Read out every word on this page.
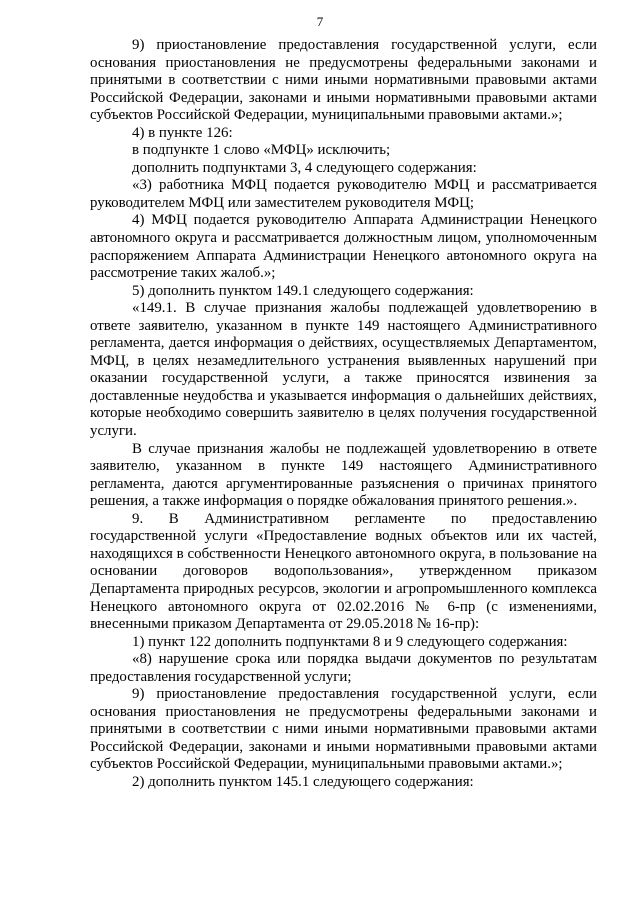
7

9) приостановление предоставления государственной услуги, если основания приостановления не предусмотрены федеральными законами и принятыми в соответствии с ними иными нормативными правовыми актами Российской Федерации, законами и иными нормативными правовыми актами субъектов Российской Федерации, муниципальными правовыми актами.»;

4) в пункте 126:

в подпункте 1 слово «МФЦ» исключить;

дополнить подпунктами 3, 4 следующего содержания:

«3) работника МФЦ подается руководителю МФЦ и рассматривается руководителем МФЦ или заместителем руководителя МФЦ;

4) МФЦ подается руководителю Аппарата Администрации Ненецкого автономного округа и рассматривается должностным лицом, уполномоченным распоряжением Аппарата Администрации Ненецкого автономного округа на рассмотрение таких жалоб.»;

5) дополнить пунктом 149.1 следующего содержания:

«149.1. В случае признания жалобы подлежащей удовлетворению в ответе заявителю, указанном в пункте 149 настоящего Административного регламента, дается информация о действиях, осуществляемых Департаментом, МФЦ, в целях незамедлительного устранения выявленных нарушений при оказании государственной услуги, а также приносятся извинения за доставленные неудобства и указывается информация о дальнейших действиях, которые необходимо совершить заявителю в целях получения государственной услуги.

В случае признания жалобы не подлежащей удовлетворению в ответе заявителю, указанном в пункте 149 настоящего Административного регламента, даются аргументированные разъяснения о причинах принятого решения, а также информация о порядке обжалования принятого решения.».

9. В Административном регламенте по предоставлению государственной услуги «Предоставление водных объектов или их частей, находящихся в собственности Ненецкого автономного округа, в пользование на основании договоров водопользования», утвержденном приказом Департамента природных ресурсов, экологии и агропромышленного комплекса Ненецкого автономного округа от 02.02.2016 № 6-пр (с изменениями, внесенными приказом Департамента от 29.05.2018 № 16-пр):

1) пункт 122 дополнить подпунктами 8 и 9 следующего содержания:

«8) нарушение срока или порядка выдачи документов по результатам предоставления государственной услуги;

9) приостановление предоставления государственной услуги, если основания приостановления не предусмотрены федеральными законами и принятыми в соответствии с ними иными нормативными правовыми актами Российской Федерации, законами и иными нормативными правовыми актами субъектов Российской Федерации, муниципальными правовыми актами.»;

2) дополнить пунктом 145.1 следующего содержания:
